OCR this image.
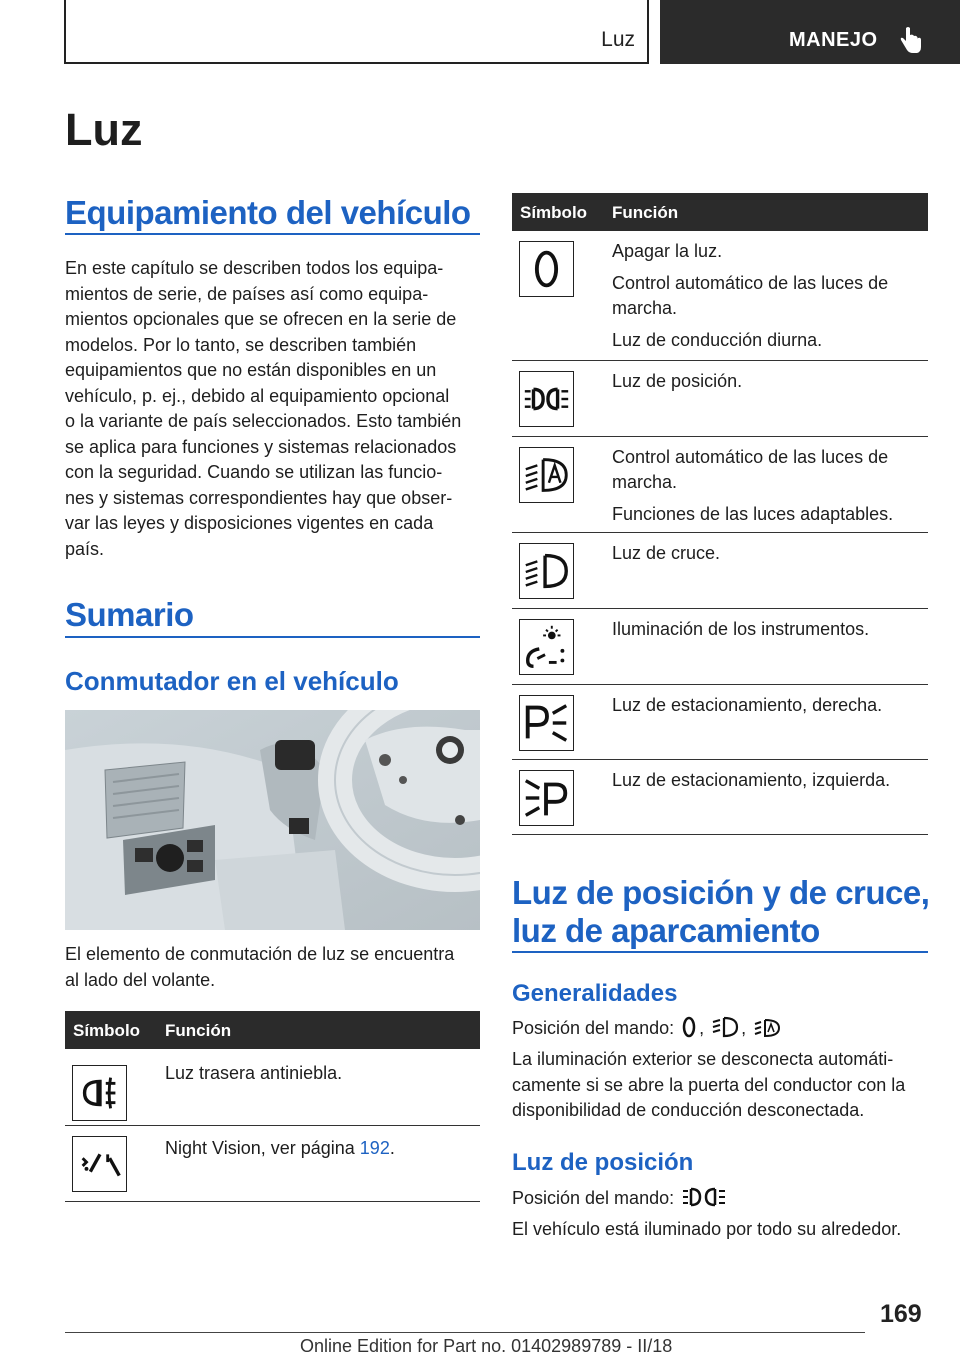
Luz	MANEJO
Luz
Equipamiento del vehículo
En este capítulo se describen todos los equipa‐
mientos de serie, de países así como equipa‐
mientos opcionales que se ofrecen en la serie de
modelos. Por lo tanto, se describen también
equipamientos que no están disponibles en un
vehículo, p. ej., debido al equipamiento opcional
o la variante de país seleccionados. Esto también
se aplica para funciones y sistemas relacionados
con la seguridad. Cuando se utilizan las funcio‐
nes y sistemas correspondientes hay que obser‐
var las leyes y disposiciones vigentes en cada
país.
Sumario
Conmutador en el vehículo
El elemento de conmutación de luz se encuentra
al lado del volante.
Símbolo Función
Luz trasera antiniebla.
Night Vision, ver página 192.
Símbolo Función

Apagar la luz.

Control automático de las luces de marcha.

Luz de conducción diurna.

Luz de posición.

Control automático de las luces de marcha.

Funciones de las luces adaptables.

Luz de cruce.
Iluminación de los instrumentos.
Luz de estacionamiento, derecha.
Luz de estacionamiento, izquierda.
Luz de posición y de cruce,
luz de aparcamiento
Generalidades
Posición del mando: , ,
La iluminación exterior se desconecta automáti‐
camente si se abre la puerta del conductor con la
disponibilidad de conducción desconectada.
Luz de posición
Posición del mando:
El vehículo está iluminado por todo su alrededor.
169
Online Edition for Part no. 01402989789 - II/18
